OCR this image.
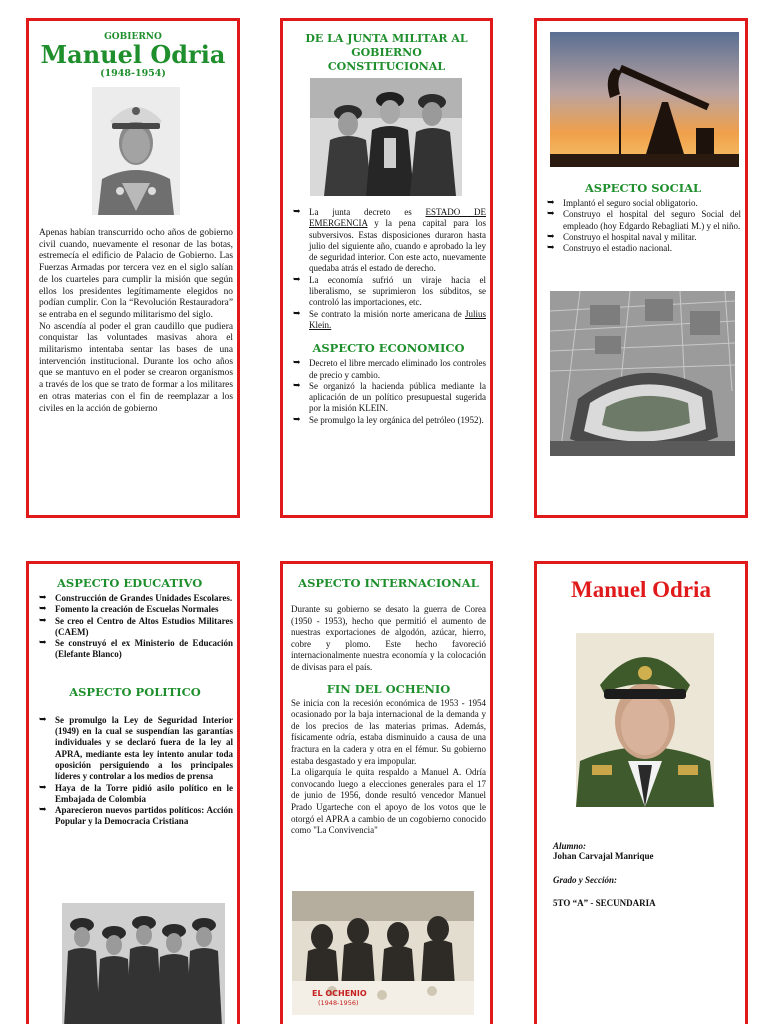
GOBIERNO
Manuel Odria
(1948-1954)
Apenas habían transcurrido ocho años de gobierno civil cuando, nuevamente el resonar de las botas, estremecía el edificio de Palacio de Gobierno. Las Fuerzas Armadas por tercera vez en el siglo salían de los cuarteles para cumplir la misión que según ellos los presidentes legítimamente elegidos no podían cumplir. Con la “Revolución Restauradora” se entraba en el segundo militarismo del siglo.
No ascendía al poder el gran caudillo que pudiera conquistar las voluntades masivas ahora el militarismo intentaba sentar las bases de una intervención institucional. Durante los ocho años que se mantuvo en el poder se crearon organismos a través de los que se trato de formar a los militares en otras materias con el fin de reemplazar a los civiles en la acción de gobierno
DE LA JUNTA MILITAR AL GOBIERNO CONSTITUCIONAL
➥ La junta decreto es ESTADO DE EMERGENCIA y la pena capital para los subversivos. Estas disposiciones duraron hasta julio del siguiente año, cuando e aprobado la ley de seguridad interior. Con este acto, nuevamente quedaba atrás el estado de derecho.
➥ La economía sufrió un viraje hacia el liberalismo, se suprimieron los súbditos, se controló las importaciones, etc.
➥ Se contrato la misión norte americana de Julius Klein.
ASPECTO ECONOMICO
➥ Decreto el libre mercado eliminado los controles de precio y cambio.
➥ Se organizó la hacienda pública mediante la aplicación de un político presupuestal sugerida por la misión KLEIN.
➥ Se promulgo la ley orgánica del petróleo (1952).
ASPECTO SOCIAL
➥ Implantó el seguro social obligatorio.
➥ Construyo el hospital del seguro Social del empleado (hoy Edgardo Rebagliati M.) y el niño.
➥ Construyo el hospital naval y militar.
➥ Construyo el estadio nacional.
ASPECTO EDUCATIVO
➥ Construcción de Grandes Unidades Escolares.
➥ Fomento la creación de Escuelas Normales
➥ Se creo el Centro de Altos Estudios Militares (CAEM)
➥ Se construyó el ex Ministerio de Educación (Elefante Blanco)
ASPECTO POLITICO
➥ Se promulgo la Ley de Seguridad Interior (1949) en la cual se suspendían las garantías individuales y se declaró fuera de la ley al APRA, mediante esta ley intento anular toda oposición persiguiendo a los principales líderes y controlar a los medios de prensa
➥ Haya de la Torre pidió asilo político en le Embajada de Colombia
➥ Aparecieron nuevos partidos políticos: Acción Popular y la Democracia Cristiana
ASPECTO INTERNACIONAL
Durante su gobierno se desato la guerra de Corea (1950 - 1953), hecho que permitió el aumento de nuestras exportaciones de algodón, azúcar, hierro, cobre y plomo. Este hecho favoreció internacionalmente nuestra economía y la colocación de divisas para el país.
FIN DEL OCHENIO
Se inicia con la recesión económica de 1953 - 1954 ocasionado por la baja internacional de la demanda y de los precios de las materias primas. Además, físicamente odría, estaba disminuido a causa de una fractura en la cadera y otra en el fémur. Su gobierno estaba desgastado y era impopular.
La oligarquía le quita respaldo a Manuel A. Odría convocando luego a elecciones generales para el 17 de junio de 1956, donde resultó vencedor Manuel Prado Ugarteche con el apoyo de los votos que le otorgó el APRA a cambio de un cogobierno conocido como "La Convivencia"
EL OCHENIO
(1948-1956)
Manuel Odria
Alumno:
Johan Carvajal Manrique
Grado y Sección:
5TO “A” - SECUNDARIA
